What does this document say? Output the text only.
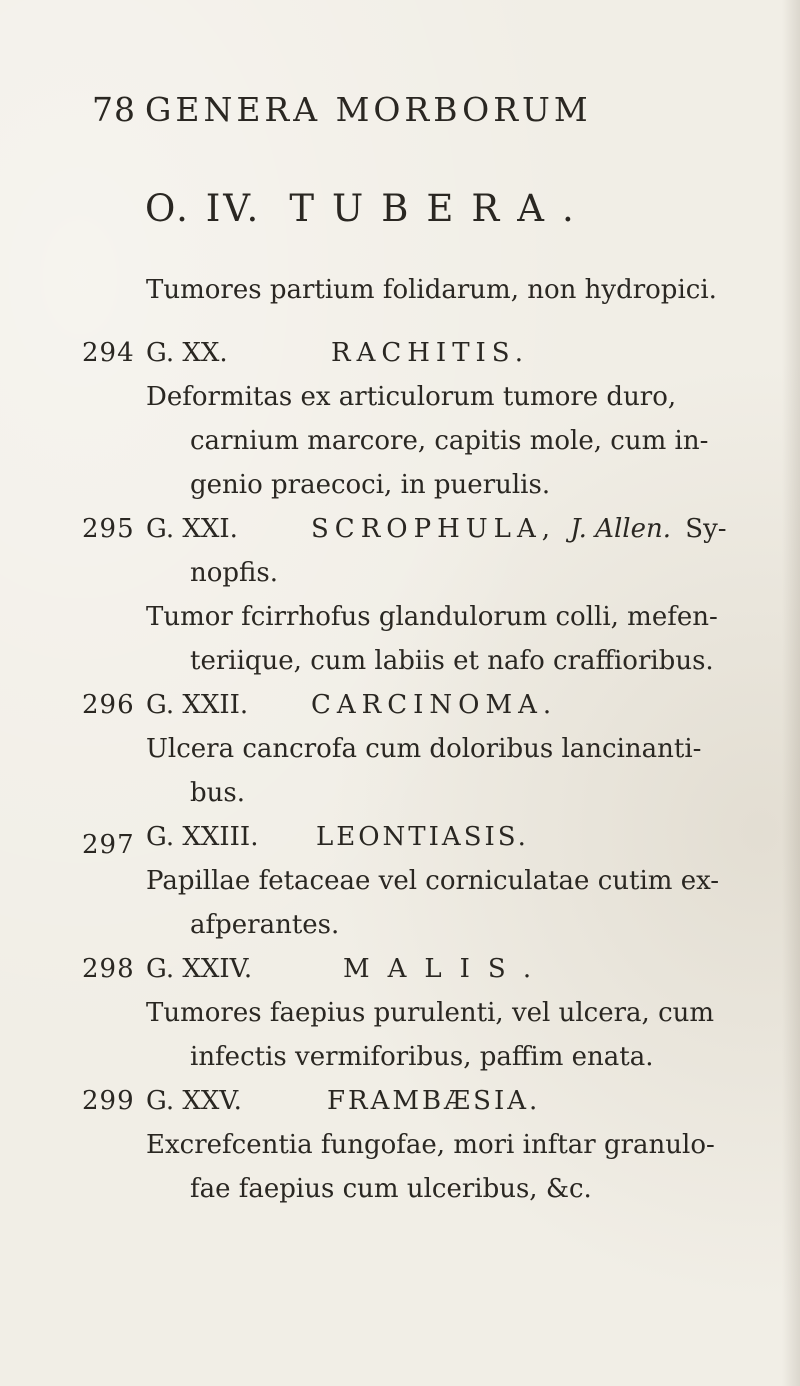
78 GENERA MORBORUM
O. IV. TUBERA.
Tumores partium folidarum, non hydropici.
294 G. XX.	RACHITIS.
Deformitas ex articulorum tumore duro,
carnium marcore, capitis mole, cum in-
genio praecoci, in puerulis.
295 G. XXI.	SCROPHULA, J. Allen. Sy-
nopfis.
Tumor fcirrhofus glandulorum colli, mefen-
teriique, cum labiis et nafo craffioribus.
296 G. XXII. CARCINOMA.
Ulcera cancrofa cum doloribus lancinanti-
bus.
297 G. XXIII. LEONTIASIS.
Papillae fetaceae vel corniculatae cutim ex-
afperantes.
298 G. XXIV.	MALIS.
Tumores faepius purulenti, vel ulcera, cum
infectis vermiforibus, paffim enata.
299 G. XXV.	FRAMBÆSIA.
Excrefcentia fungofae, mori inftar granulo-
fae faepius cum ulceribus, &c.
